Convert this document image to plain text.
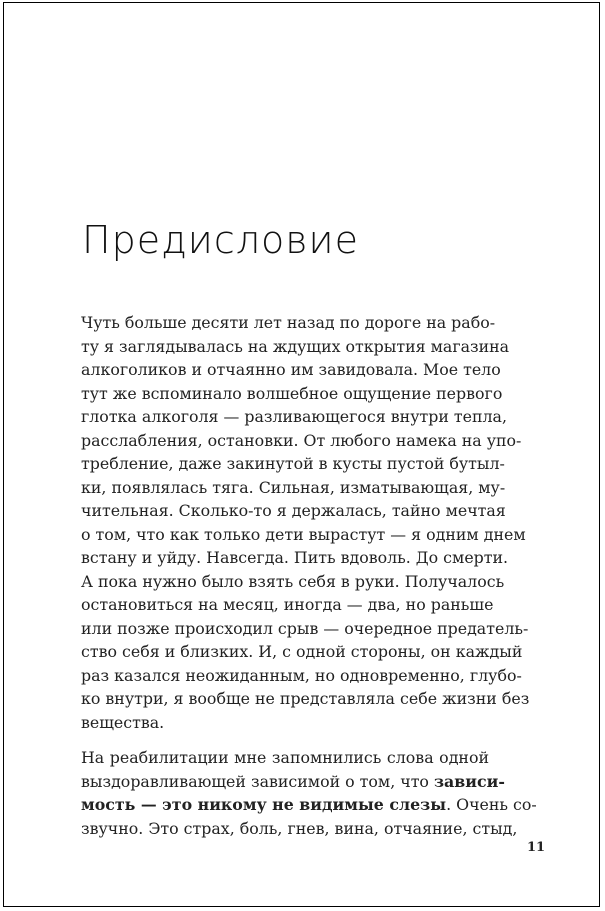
Предисловие

Чуть больше десяти лет назад по дороге на рабо-
ту я заглядывалась на ждущих открытия магазина
алкоголиков и отчаянно им завидовала. Мое тело
тут же вспоминало волшебное ощущение первого
глотка алкоголя — разливающегося внутри тепла,
расслабления, остановки. От любого намека на упо-
требление, даже закинутой в кусты пустой бутыл-
ки, появлялась тяга. Сильная, изматывающая, му-
чительная. Сколько-то я держалась, тайно мечтая
о том, что как только дети вырастут — я одним днем
встану и уйду. Навсегда. Пить вдоволь. До смерти.
А пока нужно было взять себя в руки. Получалось
остановиться на месяц, иногда — два, но раньше
или позже происходил срыв — очередное предатель-
ство себя и близких. И, с одной стороны, он каждый
раз казался неожиданным, но одновременно, глубо-
ко внутри, я вообще не представляла себе жизни без
вещества.

На реабилитации мне запомнились слова одной
выздоравливающей зависимой о том, что зависи-
мость — это никому не видимые слезы. Очень со-
звучно. Это страх, боль, гнев, вина, отчаяние, стыд,

11
